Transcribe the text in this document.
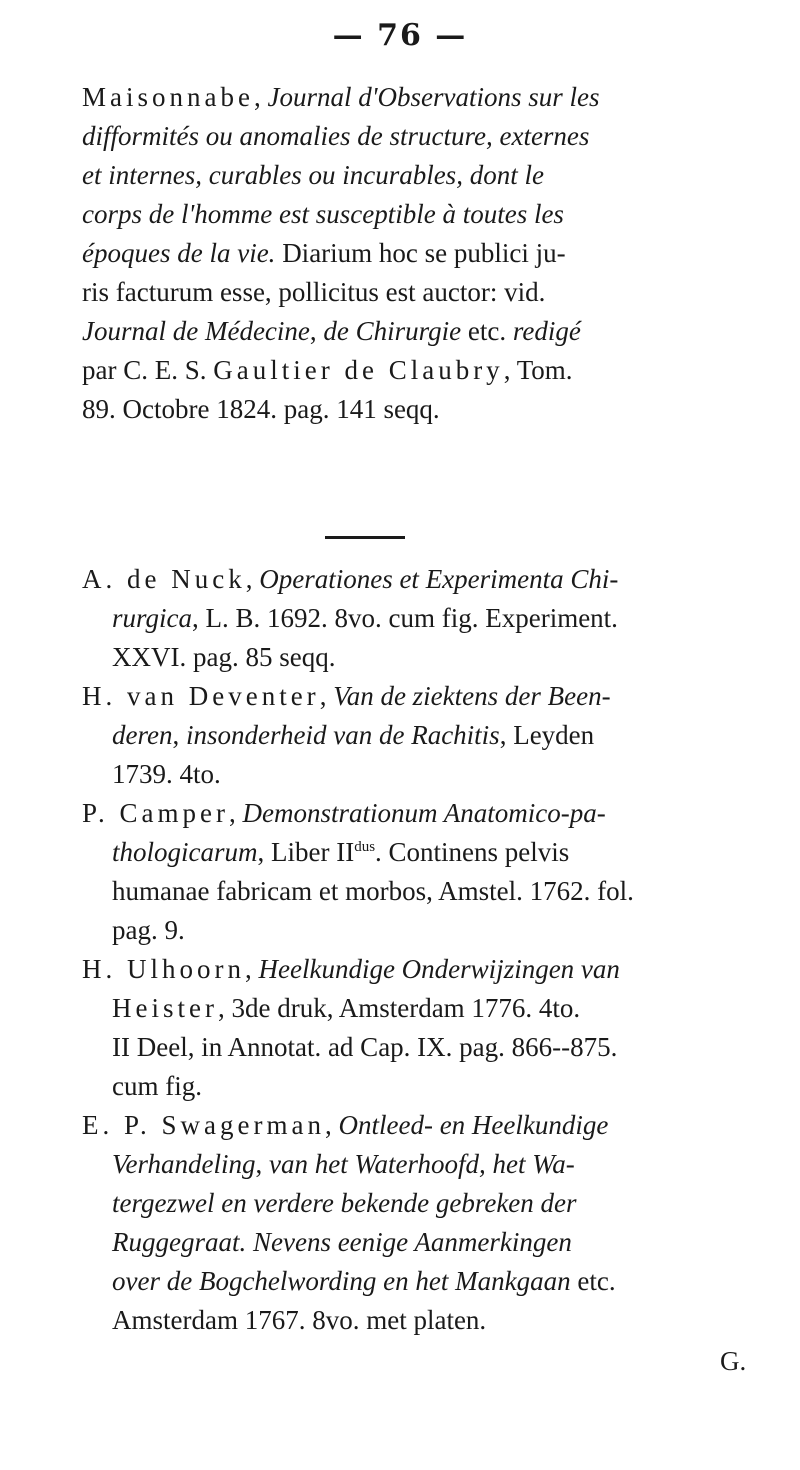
— 76 —
Maisonnabe, Journal d'Observations sur les
difformités ou anomalies de structure, externes
et internes, curables ou incurables, dont le
corps de l'homme est susceptible à toutes les
époques de la vie. Diarium hoc se publici ju-
ris facturum esse, pollicitus est auctor: vid.
Journal de Médecine, de Chirurgie etc. redigé
par C. E. S. Gaultier de Claubry, Tom.
89. Octobre 1824. pag. 141 seqq.
A. de Nuck, Operationes et Experimenta Chi-
rurgica, L. B. 1692. 8vo. cum fig. Experiment.
XXVI. pag. 85 seqq.
H. van Deventer, Van de ziektens der Been-
deren, insonderheid van de Rachitis, Leyden
1739. 4to.
P. Camper, Demonstrationum Anatomico-pa-
thologicarum, Liber $II^{dus}$. Continens pelvis
humanae fabricam et morbos, Amstel. 1762. fol.
pag. 9.
H. Ulhoorn, Heelkundige Onderwijzingen van
Heister, 3de druk, Amsterdam 1776. 4to.
II Deel, in Annotat. ad Cap. IX. pag. 866--875.
cum fig.
E. P. Swagerman, Ontleed- en Heelkundige
Verhandeling, van het Waterhoofd, het Wa-
tergezwel en verdere bekende gebreken der
Ruggegraat. Nevens eenige Aanmerkingen
over de Bogchelwording en het Mankgaan etc.
Amsterdam 1767. 8vo. met platen.
G.
